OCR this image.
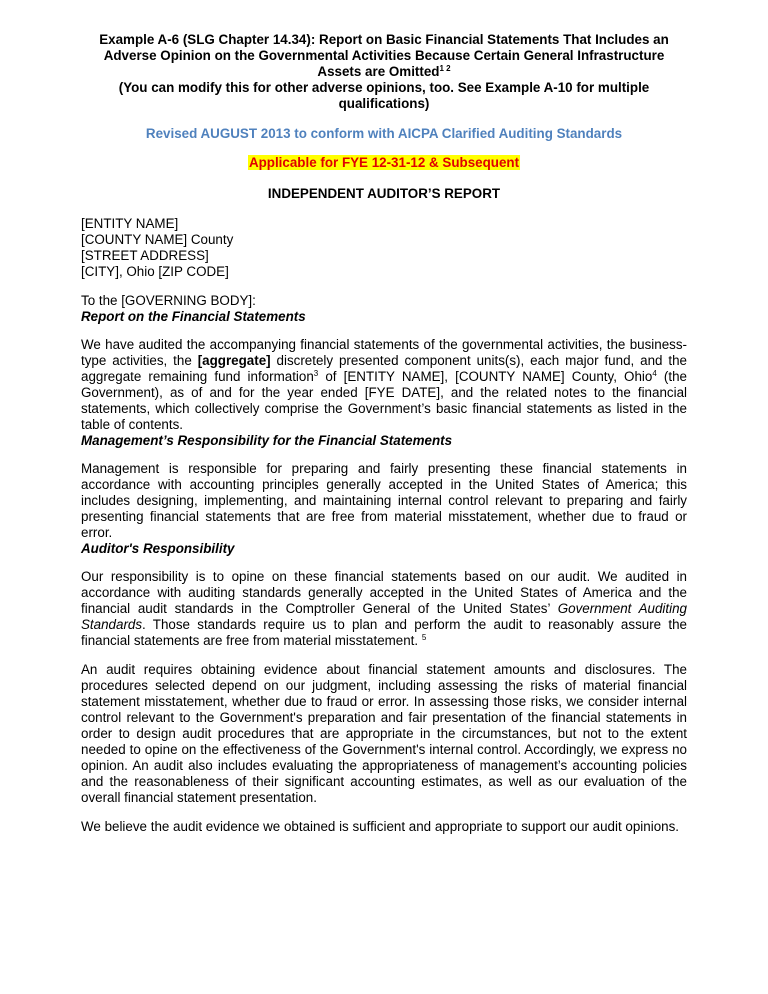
Example A-6 (SLG Chapter 14.34): Report on Basic Financial Statements That Includes an Adverse Opinion on the Governmental Activities Because Certain General Infrastructure Assets are Omitted$^{1 2}$

(You can modify this for other adverse opinions, too. See Example A-10 for multiple qualifications)

Revised AUGUST 2013 to conform with AICPA Clarified Auditing Standards

Applicable for FYE 12-31-12 & Subsequent
INDEPENDENT AUDITOR’S REPORT
[ENTITY NAME]
[COUNTY NAME] County
[STREET ADDRESS]
[CITY], Ohio [ZIP CODE]
To the [GOVERNING BODY]:
Report on the Financial Statements

We have audited the accompanying financial statements of the governmental activities, the business-type activities, the [aggregate] discretely presented component units(s), each major fund, and the aggregate remaining fund information$^3$ of [ENTITY NAME], [COUNTY NAME] County, Ohio$^4$ (the Government), as of and for the year ended [FYE DATE], and the related notes to the financial statements, which collectively comprise the Government’s basic financial statements as listed in the table of contents.

Management’s Responsibility for the Financial Statements

Management is responsible for preparing and fairly presenting these financial statements in accordance with accounting principles generally accepted in the United States of America; this includes designing, implementing, and maintaining internal control relevant to preparing and fairly presenting financial statements that are free from material misstatement, whether due to fraud or error.

Auditor's Responsibility

Our responsibility is to opine on these financial statements based on our audit. We audited in accordance with auditing standards generally accepted in the United States of America and the financial audit standards in the Comptroller General of the United States’ Government Auditing Standards. Those standards require us to plan and perform the audit to reasonably assure the financial statements are free from material misstatement. $^5$

An audit requires obtaining evidence about financial statement amounts and disclosures. The procedures selected depend on our judgment, including assessing the risks of material financial statement misstatement, whether due to fraud or error. In assessing those risks, we consider internal control relevant to the Government's preparation and fair presentation of the financial statements in order to design audit procedures that are appropriate in the circumstances, but not to the extent needed to opine on the effectiveness of the Government's internal control. Accordingly, we express no opinion. An audit also includes evaluating the appropriateness of management’s accounting policies and the reasonableness of their significant accounting estimates, as well as our evaluation of the overall financial statement presentation.

We believe the audit evidence we obtained is sufficient and appropriate to support our audit opinions.
